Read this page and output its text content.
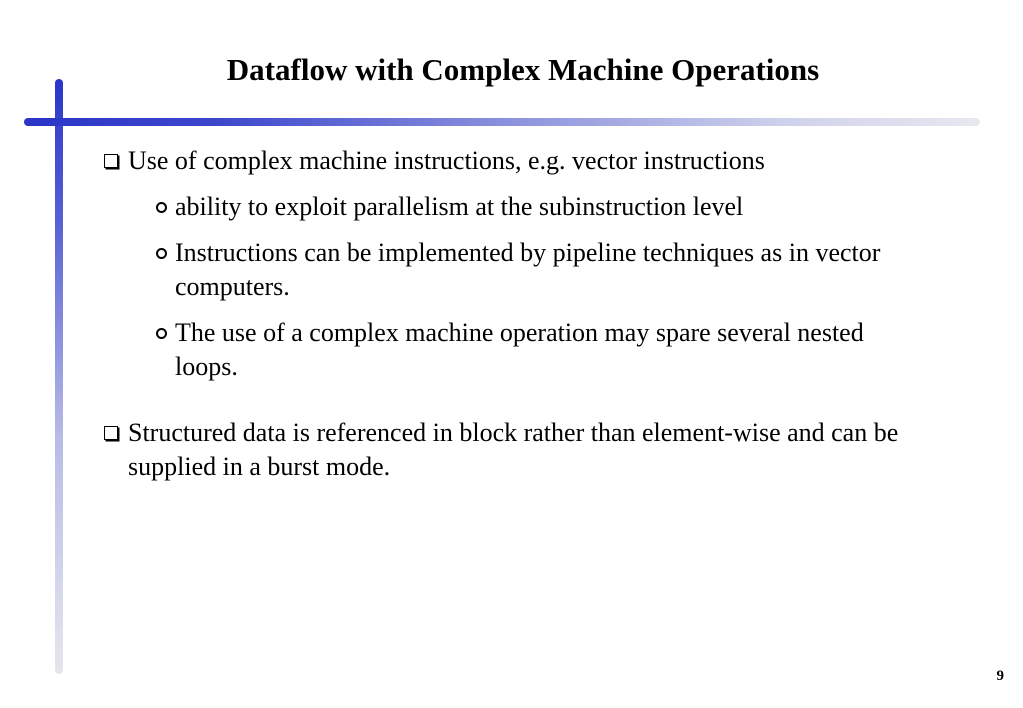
Dataflow with Complex Machine Operations
Use of complex machine instructions, e.g. vector instructions
ability to exploit parallelism at the subinstruction level
Instructions can be implemented by pipeline techniques as in vector computers.
The use of a complex machine operation may spare several nested loops.
Structured data is referenced in block rather than element-wise and can be supplied in a burst mode.
9
